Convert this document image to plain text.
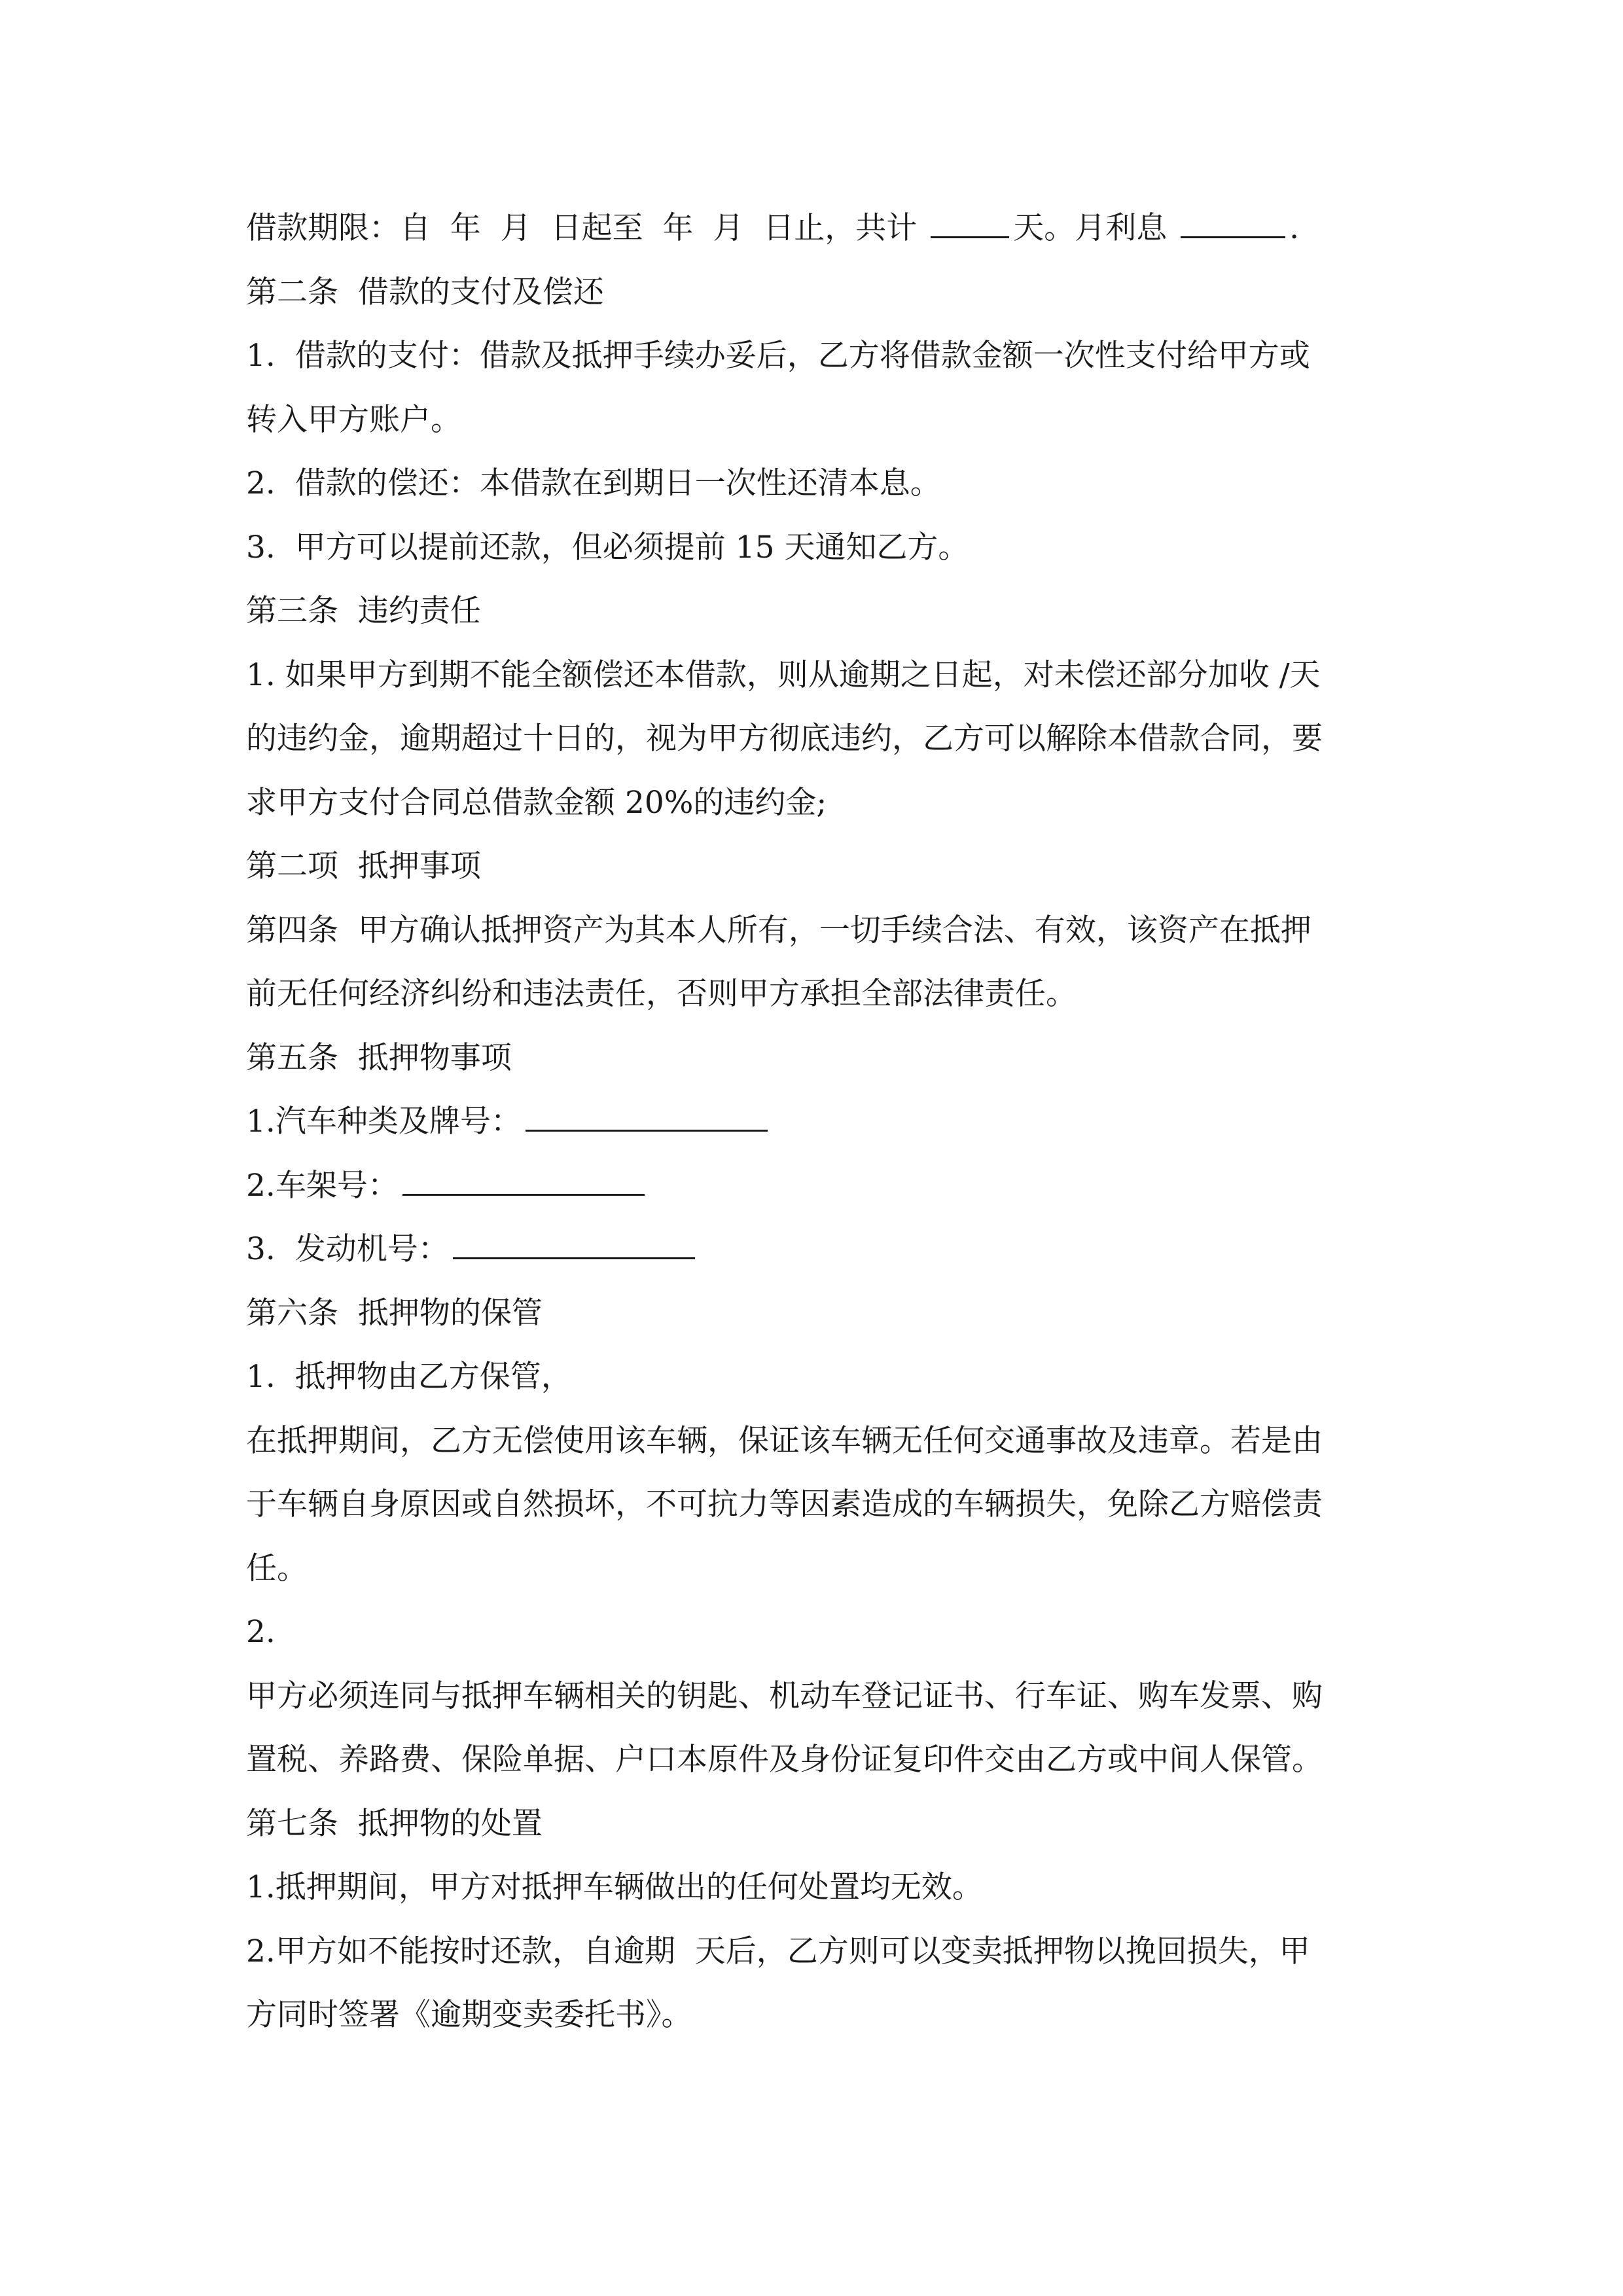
借款期限：自  年  月  日起至  年  月  日止，共计	天。月利息	.
第二条  借款的支付及偿还
1.  借款的支付：借款及抵押手续办妥后，乙方将借款金额一次性支付给甲方或
转入甲方账户。
2.  借款的偿还：本借款在到期日一次性还清本息。
3.  甲方可以提前还款，但必须提前 15 天通知乙方。
第三条  违约责任
1. 如果甲方到期不能全额偿还本借款，则从逾期之日起，对未偿还部分加收 /天
的违约金，逾期超过十日的，视为甲方彻底违约，乙方可以解除本借款合同，要
求甲方支付合同总借款金额 20%的违约金;
第二项  抵押事项
第四条  甲方确认抵押资产为其本人所有，一切手续合法、有效，该资产在抵押
前无任何经济纠纷和违法责任，否则甲方承担全部法律责任。
第五条  抵押物事项
1.汽车种类及牌号：
2.车架号：
3.  发动机号：
第六条  抵押物的保管
1.  抵押物由乙方保管，
在抵押期间，乙方无偿使用该车辆，保证该车辆无任何交通事故及违章。若是由
于车辆自身原因或自然损坏，不可抗力等因素造成的车辆损失，免除乙方赔偿责
任。
2.
甲方必须连同与抵押车辆相关的钥匙、机动车登记证书、行车证、购车发票、购
置税、养路费、保险单据、户口本原件及身份证复印件交由乙方或中间人保管。
第七条  抵押物的处置
1.抵押期间，甲方对抵押车辆做出的任何处置均无效。
2.甲方如不能按时还款，自逾期  天后，乙方则可以变卖抵押物以挽回损失，甲
方同时签署《逾期变卖委托书》。
